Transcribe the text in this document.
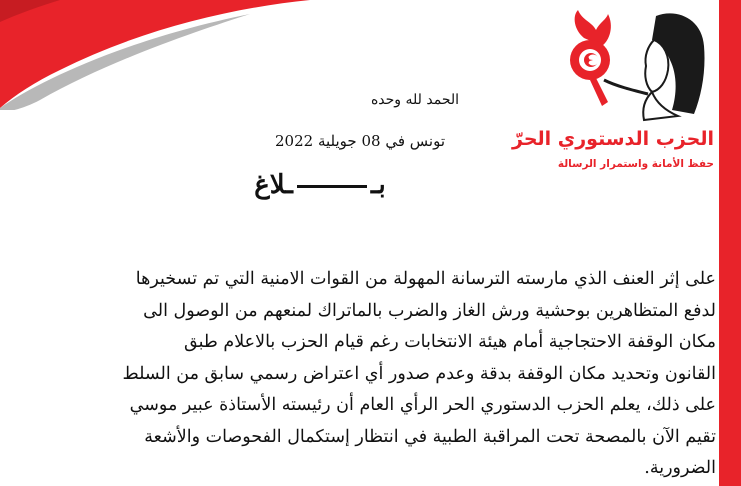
الحزب الدستوري الحرّ
حفظ الأمانة واستمرار الرسالة
الحمد لله وحده
تونس في 08 جويلية 2022
بــلاغ

على إثر العنف الذي مارسته الترسانة المهولة من القوات الامنية التي تم تسخيرها

لدفع المتظاهرين بوحشية ورش الغاز والضرب بالماتراك لمنعهم من الوصول الى

مكان الوقفة الاحتجاجية أمام هيئة الانتخابات رغم قيام الحزب بالاعلام طبق

القانون وتحديد مكان الوقفة بدقة وعدم صدور أي اعتراض رسمي سابق من السلط

على ذلك، يعلم الحزب الدستوري الحر الرأي العام أن رئيسته الأستاذة عبير موسي

تقيم الآن بالمصحة تحت المراقبة الطبية في انتظار إستكمال الفحوصات والأشعة

الضرورية.
